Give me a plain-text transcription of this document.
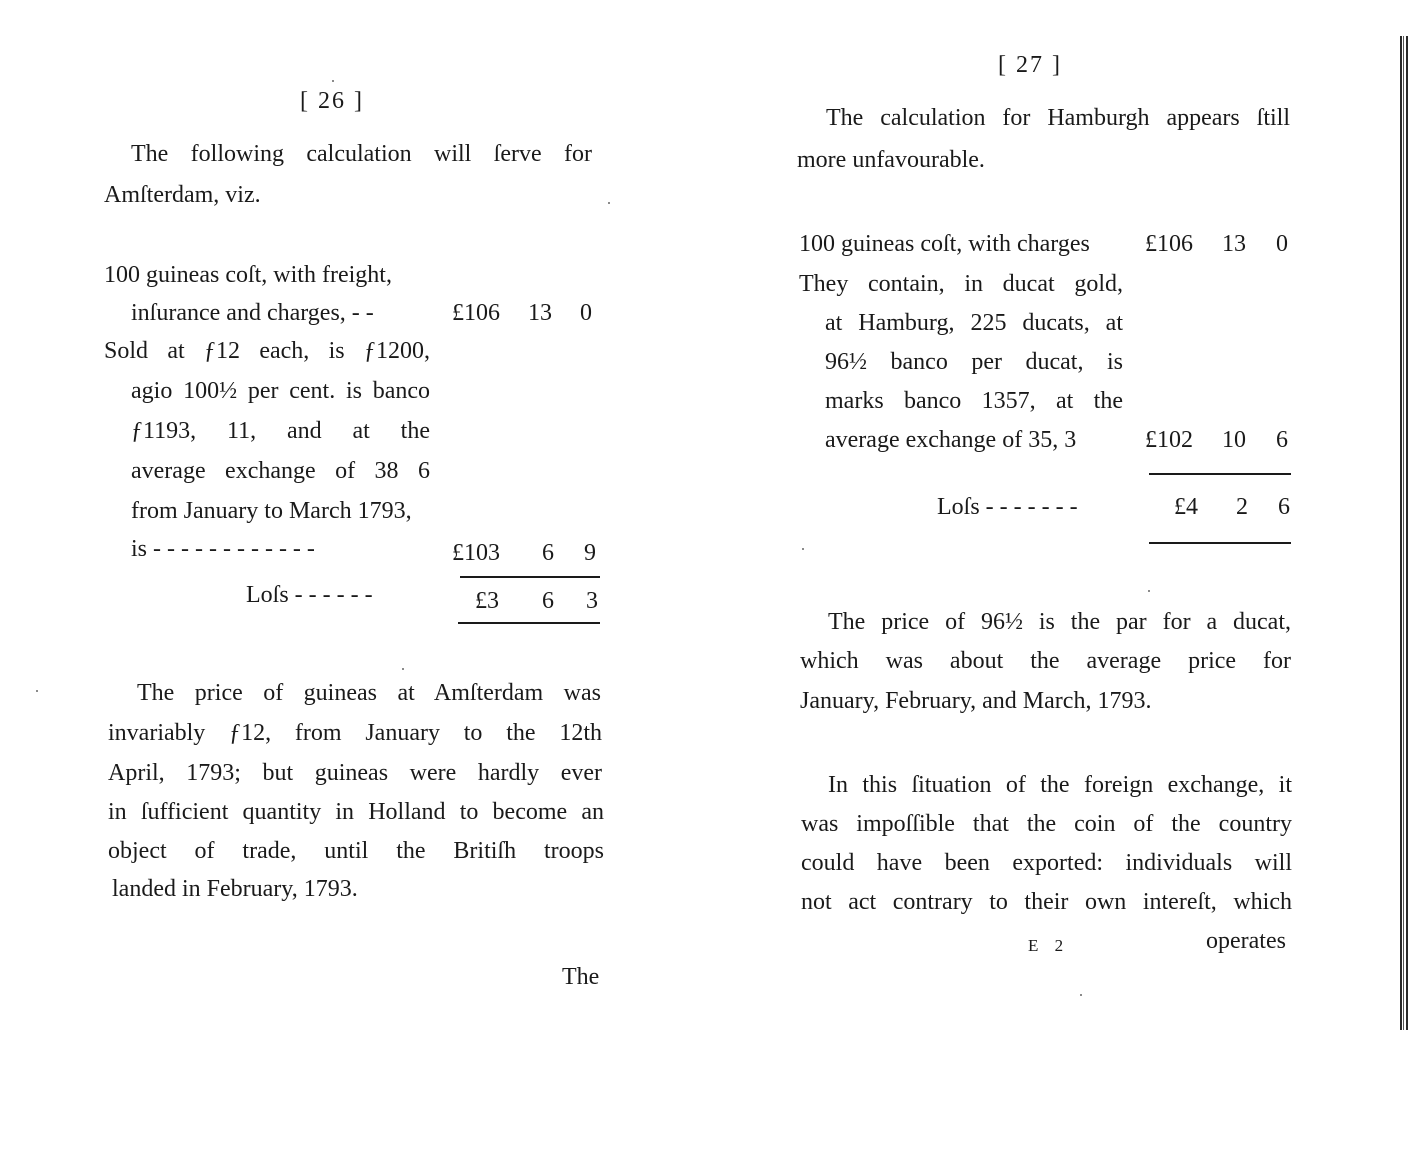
[ 26 ]
The following calculation will ſerve for
Amſterdam, viz.
100 guineas coſt, with freight,
inſurance and charges, - -	£106 13 0
Sold at ƒ12 each, is ƒ1200,
agio 100½ per cent. is banco
ƒ1193, 11, and at the
average exchange of 38 6
from January to March 1793,
is - - - - - - - - - - - -	£103 6 9
Loſs - - - - - -	£3 6 3
The price of guineas at Amſterdam was
invariably ƒ12, from January to the 12th
April, 1793; but guineas were hardly ever
in ſufficient quantity in Holland to become an
object of trade, until the Britiſh troops
landed in February, 1793.
The
[ 27 ]
The calculation for Hamburgh appears ſtill
more unfavourable.
100 guineas coſt, with charges £106 13 0
They contain, in ducat gold,
at Hamburg, 225 ducats, at
96½ banco per ducat, is
marks banco 1357, at the
average exchange of 35, 3	£102 10 6
Loſs - - - - - - -	£4 2 6
The price of 96½ is the par for a ducat,
which was about the average price for
January, February, and March, 1793.
In this ſituation of the foreign exchange, it
was impoſſible that the coin of the country
could have been exported: individuals will
not act contrary to their own intereſt, which
E 2	operates
